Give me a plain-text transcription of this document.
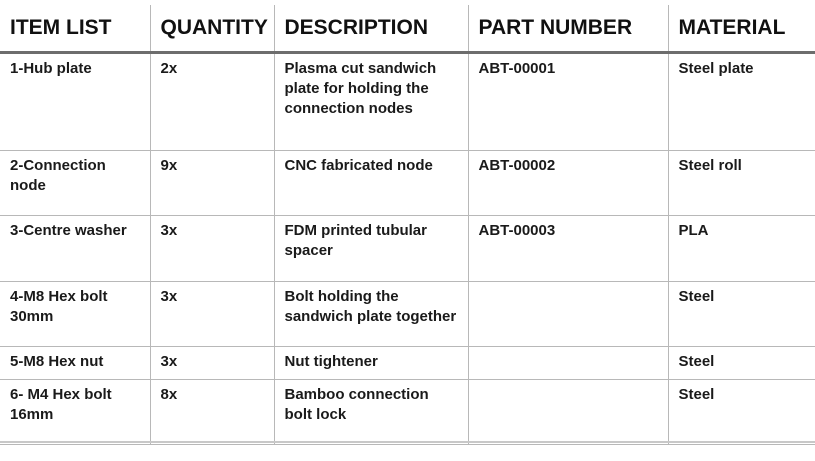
ITEM LIST	QUANTITY	DESCRIPTION	PART NUMBER	MATERIAL
1-Hub plate	2x	Plasma cut sandwich plate for holding the connection nodes	ABT-00001	Steel plate
2-Connection node	9x	CNC fabricated node	ABT-00002	Steel roll
3-Centre washer	3x	FDM printed tubular spacer	ABT-00003	PLA
4-M8 Hex bolt 30mm	3x	Bolt holding the sandwich plate together		Steel
5-M8 Hex nut	3x	Nut tightener		Steel
6- M4 Hex bolt 16mm	8x	Bamboo connection bolt lock		Steel
